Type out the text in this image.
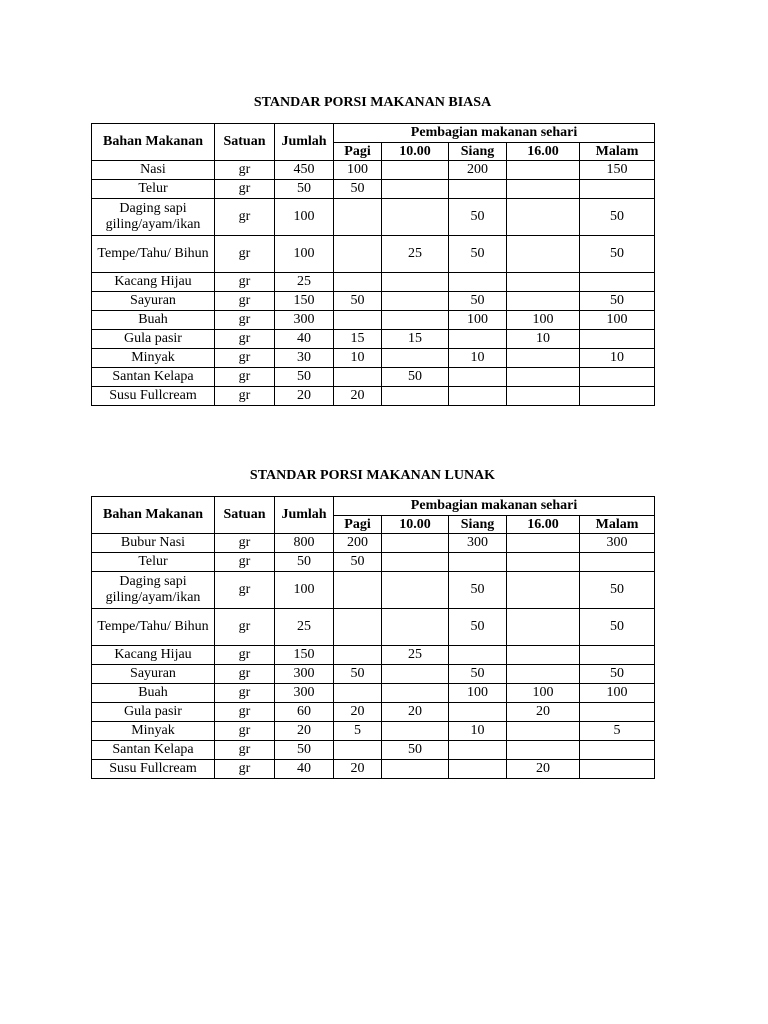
STANDAR PORSI MAKANAN BIASA
Bahan Makanan	Satuan	Jumlah	Pembagian makanan sehari				
			Pagi	10.00	Siang	16.00	Malam
Nasi	gr	450	100		200		150
Telur	gr	50	50				
Daging sapi giling/ayam/ikan	gr	100			50		50
Tempe/Tahu/ Bihun	gr	100		25	50		50
Kacang Hijau	gr	25					
Sayuran	gr	150	50		50		50
Buah	gr	300			100	100	100
Gula pasir	gr	40	15	15		10	
Minyak	gr	30	10		10		10
Santan Kelapa	gr	50		50			
Susu Fullcream	gr	20	20				
STANDAR PORSI MAKANAN LUNAK
Bahan Makanan	Satuan	Jumlah	Pembagian makanan sehari				
			Pagi	10.00	Siang	16.00	Malam
Bubur Nasi	gr	800	200		300		300
Telur	gr	50	50				
Daging sapi giling/ayam/ikan	gr	100			50		50
Tempe/Tahu/ Bihun	gr	25			50		50
Kacang Hijau	gr	150		25			
Sayuran	gr	300	50		50		50
Buah	gr	300			100	100	100
Gula pasir	gr	60	20	20		20	
Minyak	gr	20	5		10		5
Santan Kelapa	gr	50		50			
Susu Fullcream	gr	40	20			20	
